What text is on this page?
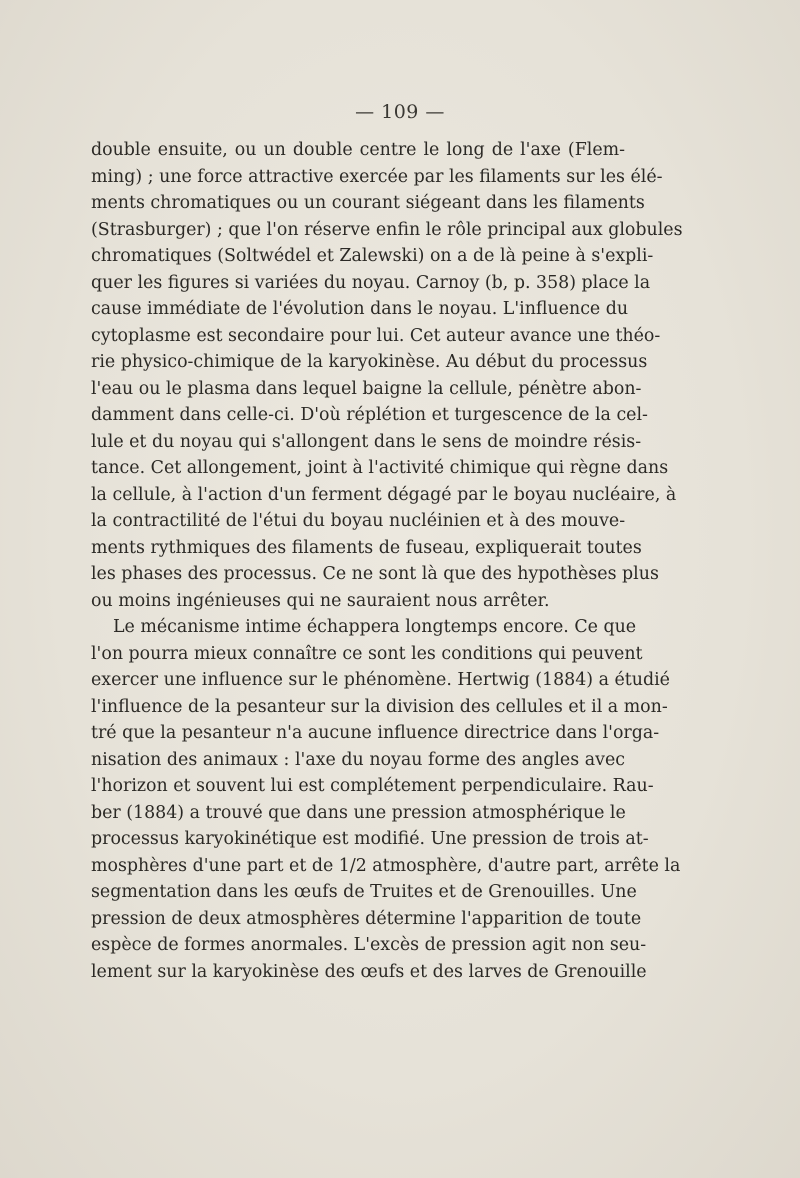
— 109 —
double ensuite, ou un double centre le long de l'axe (Flem-
ming) ; une force attractive exercée par les filaments sur les élé-
ments chromatiques ou un courant siégeant dans les filaments
(Strasburger) ; que l'on réserve enfin le rôle principal aux globules
chromatiques (Soltwédel et Zalewski) on a de là peine à s'expli-
quer les figures si variées du noyau. Carnoy (b, p. 358) place la
cause immédiate de l'évolution dans le noyau. L'influence du
cytoplasme est secondaire pour lui. Cet auteur avance une théo-
rie physico-chimique de la karyokinèse. Au début du processus
l'eau ou le plasma dans lequel baigne la cellule, pénètre abon-
damment dans celle-ci. D'où réplétion et turgescence de la cel-
lule et du noyau qui s'allongent dans le sens de moindre résis-
tance. Cet allongement, joint à l'activité chimique qui règne dans
la cellule, à l'action d'un ferment dégagé par le boyau nucléaire, à
la contractilité de l'étui du boyau nucléinien et à des mouve-
ments rythmiques des filaments de fuseau, expliquerait toutes
les phases des processus. Ce ne sont là que des hypothèses plus
ou moins ingénieuses qui ne sauraient nous arrêter.
Le mécanisme intime échappera longtemps encore. Ce que
l'on pourra mieux connaître ce sont les conditions qui peuvent
exercer une influence sur le phénomène. Hertwig (1884) a étudié
l'influence de la pesanteur sur la division des cellules et il a mon-
tré que la pesanteur n'a aucune influence directrice dans l'orga-
nisation des animaux : l'axe du noyau forme des angles avec
l'horizon et souvent lui est complétement perpendiculaire. Rau-
ber (1884) a trouvé que dans une pression atmosphérique le
processus karyokinétique est modifié. Une pression de trois at-
mosphères d'une part et de 1/2 atmosphère, d'autre part, arrête la
segmentation dans les œufs de Truites et de Grenouilles. Une
pression de deux atmosphères détermine l'apparition de toute
espèce de formes anormales. L'excès de pression agit non seu-
lement sur la karyokinèse des œufs et des larves de Grenouille
